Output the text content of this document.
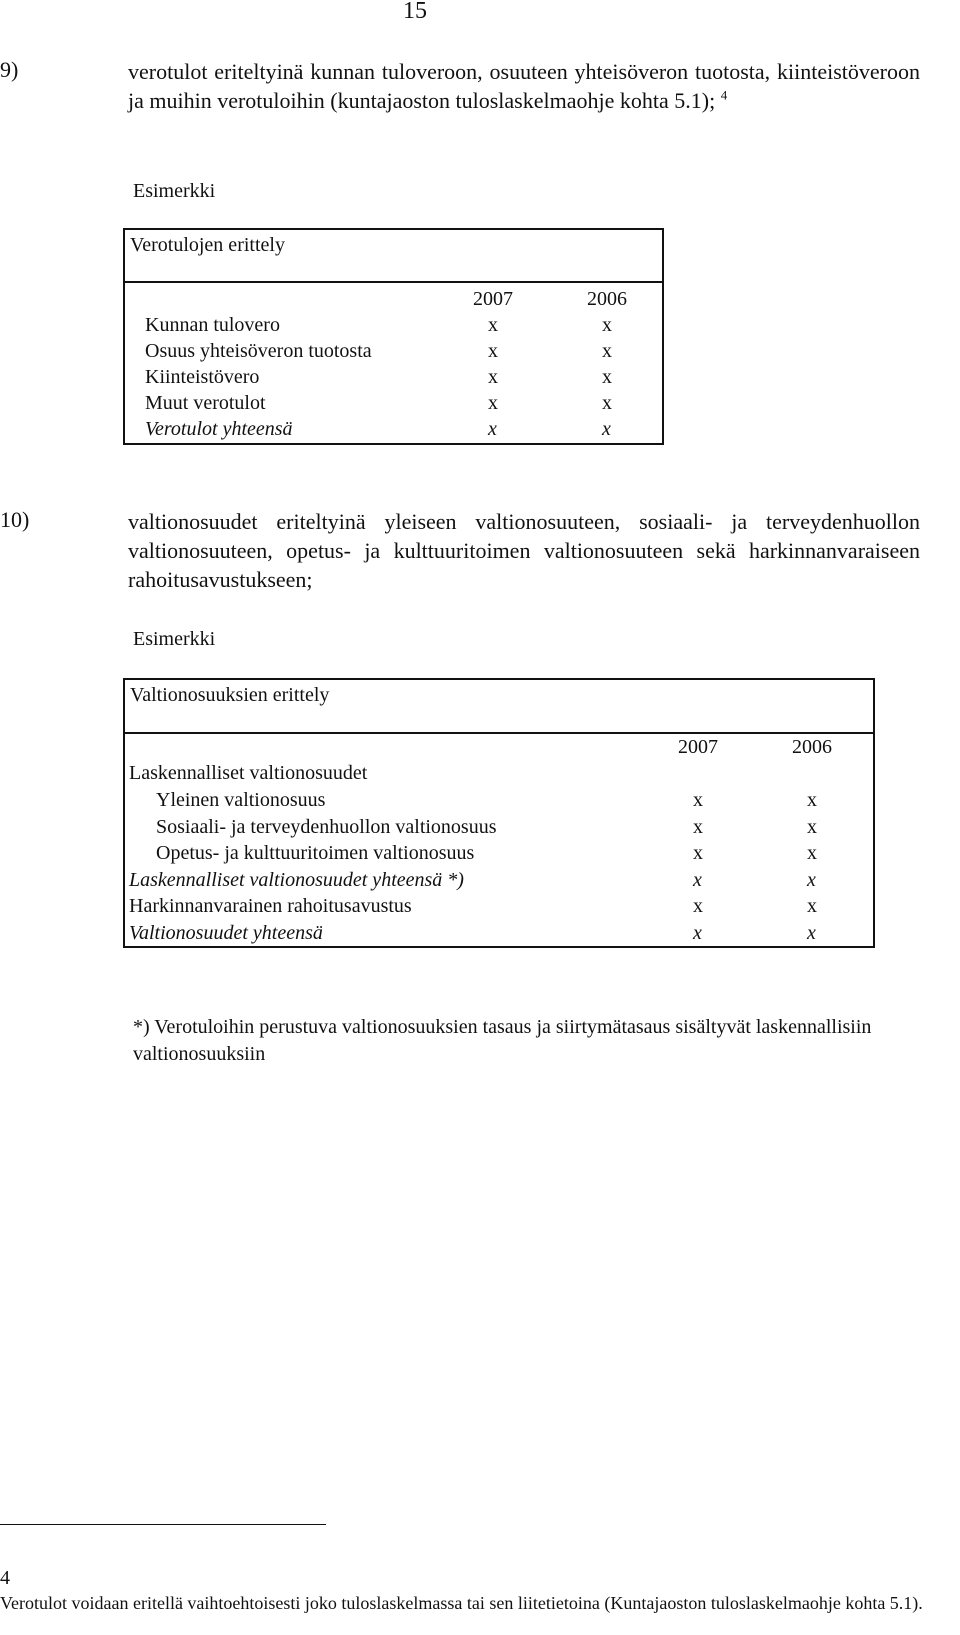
15
9)	verotulot eriteltyinä kunnan tuloveroon, osuuteen yhteisöveron tuotosta, kiinteistöveroon ja muihin verotuloihin (kuntajaoston tuloslaskelmaohje kohta 5.1); $^4$
Esimerkki
Verotulojen erittely
2007	2006
Kunnan tulovero	x	x
Osuus yhteisöveron tuotosta	x	x
Kiinteistövero	x	x
Muut verotulot	x	x
Verotulot yhteensä	x	x
10)	valtionosuudet eriteltyinä yleiseen valtionosuuteen, sosiaali- ja terveydenhuollon valtionosuuteen, opetus- ja kulttuuritoimen valtionosuuteen sekä harkinnanvaraiseen rahoitusavustukseen;
Esimerkki
Valtionosuuksien erittely
2007	2006
Laskennalliset valtionosuudet
Yleinen valtionosuus	x	x
Sosiaali- ja terveydenhuollon valtionosuus	x	x
Opetus- ja kulttuuritoimen valtionosuus	x	x
Laskennalliset valtionosuudet yhteensä *)	x	x
Harkinnanvarainen rahoitusavustus	x	x
Valtionosuudet yhteensä	x	x
*) Verotuloihin perustuva valtionosuuksien tasaus ja siirtymätasaus sisältyvät laskennallisiin valtionosuuksiin
4
Verotulot voidaan eritellä vaihtoehtoisesti joko tuloslaskelmassa tai sen liitetietoina (Kuntajaoston tuloslaskelmaohje kohta 5.1).
